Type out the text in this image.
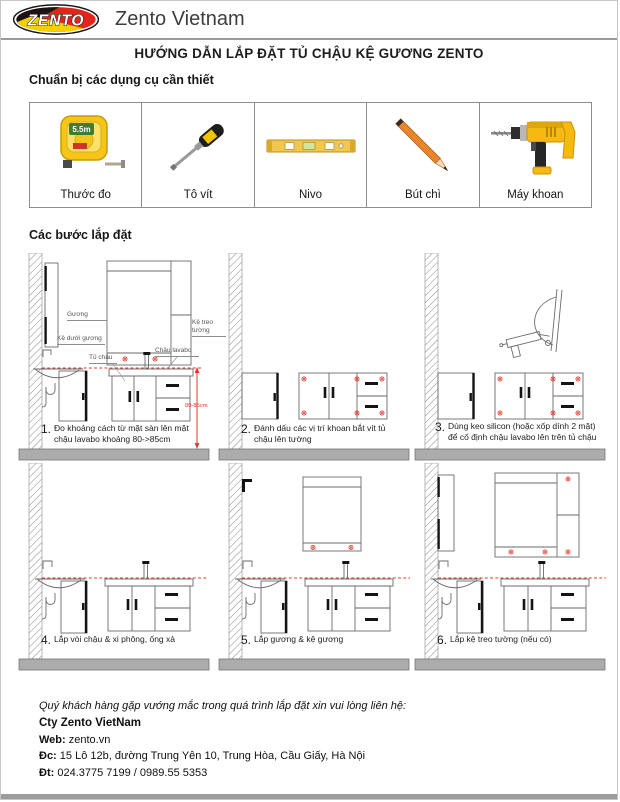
ZENTO Zento Vietnam
HƯỚNG DẪN LẮP ĐẶT TỦ CHẬU KỆ GƯƠNG ZENTO
Chuẩn bị các dụng cụ cần thiết
5.5m
Thước đo	Tô vít	Nivo	Bút chì	Máy khoan
Các bước lắp đặt
Gương
Kệ treo tường
Kệ dưới gương
Tủ chậu
Chậu lavabo
80-85cm
1. Đo khoảng cách từ mặt sàn lên mặt chậu lavabo khoảng 80->85cm
2. Đánh dấu các vị trí khoan bắt vít tủ chậu lên tường
3. Dùng keo silicon (hoặc xốp dính 2 mặt) để cố định chậu lavabo lên trên tủ chậu
4. Lắp vòi chậu & xi phông, ống xả	5. Lắp gương & kệ gương	6. Lắp kệ treo tường (nếu có)
Quý khách hàng gặp vướng mắc trong quá trình lắp đặt xin vui lòng liên hệ:
Cty Zento VietNam
Web: zento.vn
Đc: 15 Lô 12b, đường Trung Yên 10, Trung Hòa, Cầu Giấy, Hà Nội
Đt: 024.3775 7199 / 0989.55 5353
